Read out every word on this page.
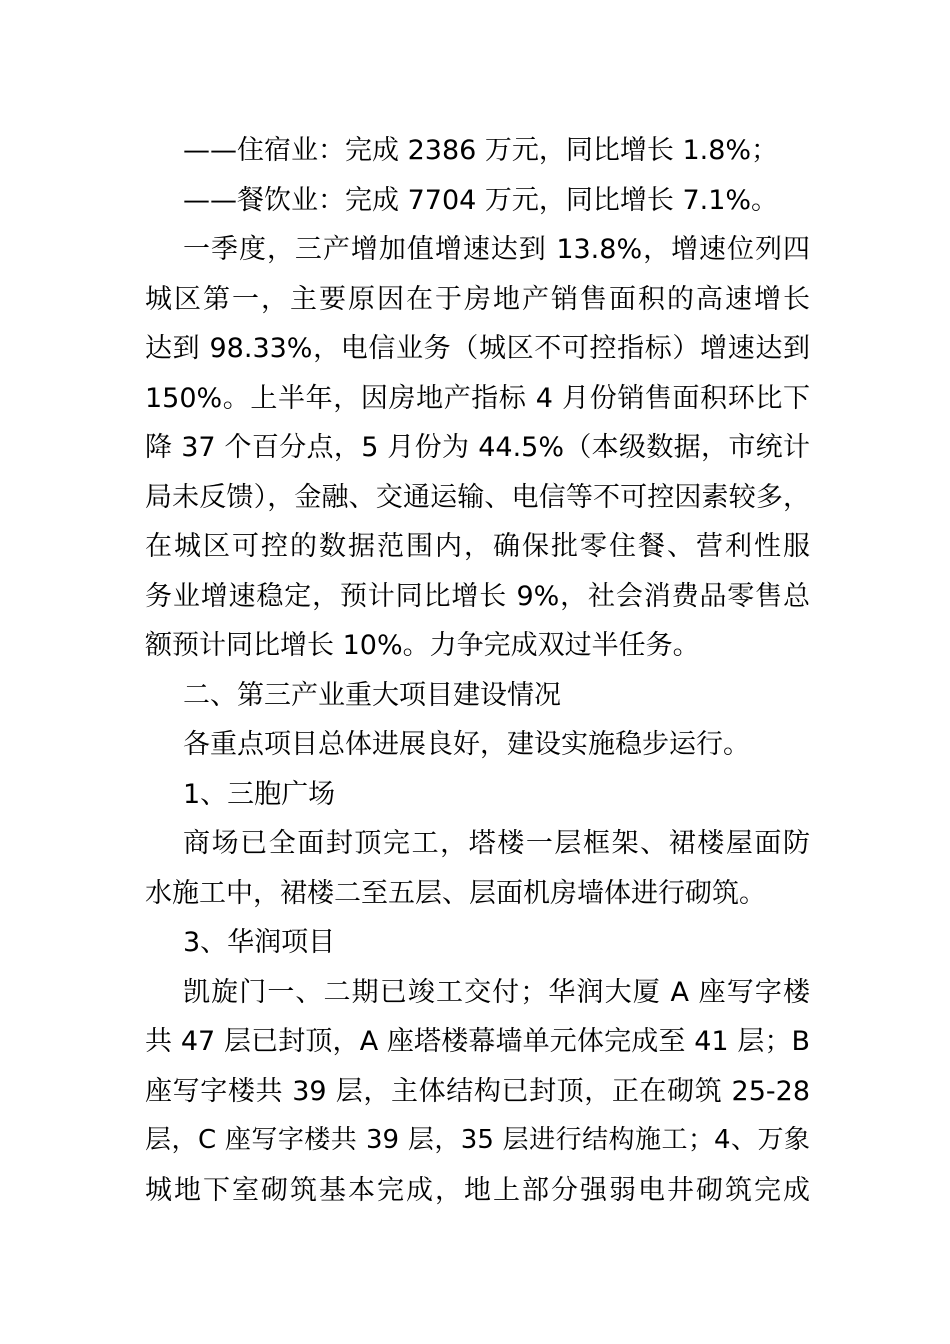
——住宿业：完成 2386 万元，同比增长 1.8%；
——餐饮业：完成 7704 万元，同比增长 7.1%。
一季度，三产增加值增速达到 13.8%，增速位列四
城区第一，主要原因在于房地产销售面积的高速增长
达到 98.33%，电信业务（城区不可控指标）增速达到
150%。上半年，因房地产指标 4 月份销售面积环比下
降 37 个百分点，5 月份为 44.5%（本级数据，市统计
局未反馈），金融、交通运输、电信等不可控因素较多，
在城区可控的数据范围内，确保批零住餐、营利性服
务业增速稳定，预计同比增长 9%，社会消费品零售总
额预计同比增长 10%。力争完成双过半任务。
二、第三产业重大项目建设情况
各重点项目总体进展良好，建设实施稳步运行。
1、三胞广场
商场已全面封顶完工，塔楼一层框架、裙楼屋面防
水施工中，裙楼二至五层、层面机房墙体进行砌筑。
3、华润项目
凯旋门一、二期已竣工交付；华润大厦 A 座写字楼
共 47 层已封顶，A 座塔楼幕墙单元体完成至 41 层；B
座写字楼共 39 层，主体结构已封顶，正在砌筑 25-28
层，C 座写字楼共 39 层，35 层进行结构施工；4、万象
城地下室砌筑基本完成，地上部分强弱电井砌筑完成
